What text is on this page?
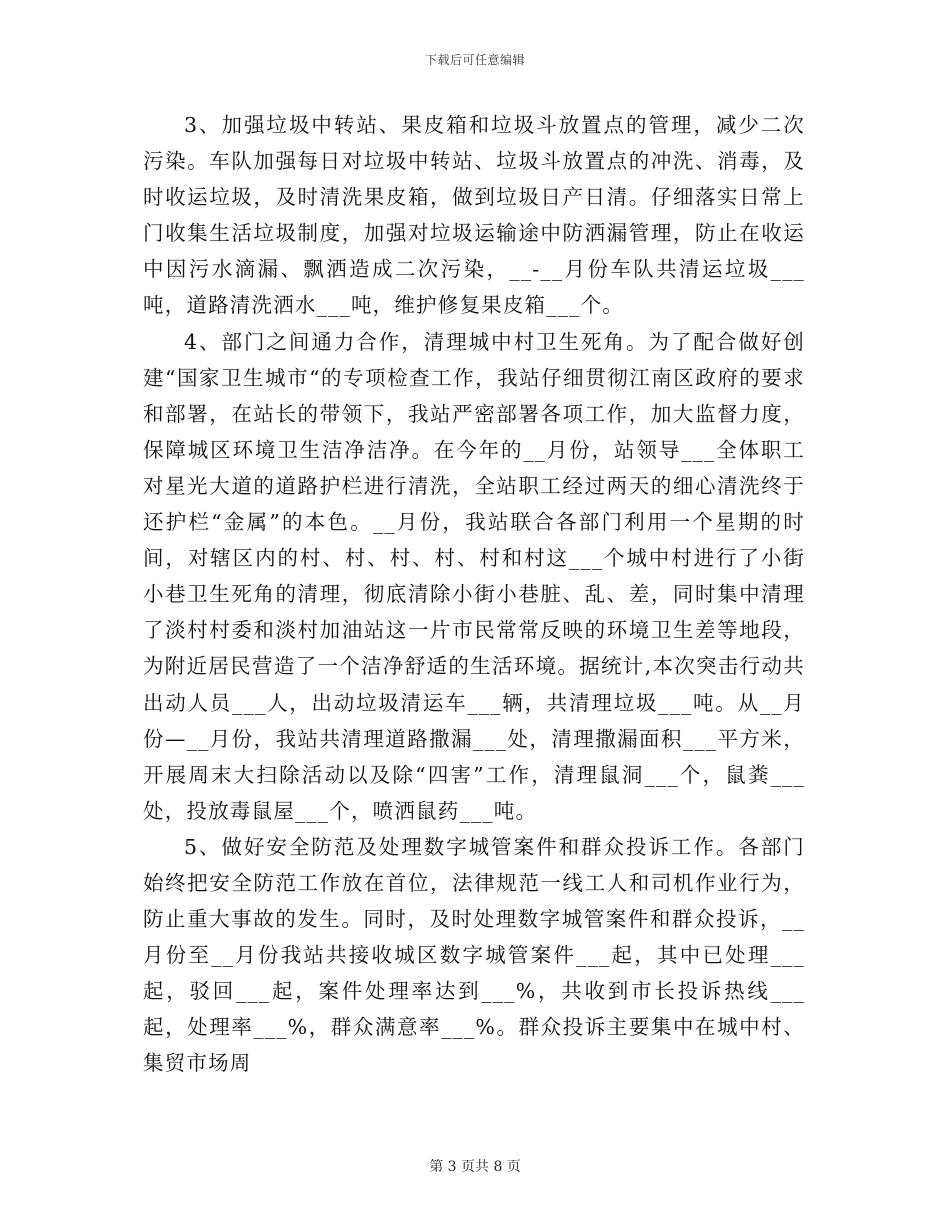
下载后可任意编辑

3、加强垃圾中转站、果皮箱和垃圾斗放置点的管理，减少二次污染。车队加强每日对垃圾中转站、垃圾斗放置点的冲洗、消毒，及时收运垃圾，及时清洗果皮箱，做到垃圾日产日清。仔细落实日常上门收集生活垃圾制度，加强对垃圾运输途中防洒漏管理，防止在收运中因污水滴漏、飘洒造成二次污染，__-__月份车队共清运垃圾___吨，道路清洗洒水___吨，维护修复果皮箱___个。

4、部门之间通力合作，清理城中村卫生死角。为了配合做好创建“国家卫生城市“的专项检查工作，我站仔细贯彻江南区政府的要求和部署，在站长的带领下，我站严密部署各项工作，加大监督力度，保障城区环境卫生洁净洁净。在今年的__月份，站领导___全体职工对星光大道的道路护栏进行清洗，全站职工经过两天的细心清洗终于还护栏“金属”的本色。__月份，我站联合各部门利用一个星期的时间，对辖区内的村、村、村、村、村和村这___个城中村进行了小街小巷卫生死角的清理，彻底清除小街小巷脏、乱、差，同时集中清理了淡村村委和淡村加油站这一片市民常常反映的环境卫生差等地段，为附近居民营造了一个洁净舒适的生活环境。据统计,本次突击行动共出动人员___人，出动垃圾清运车___辆，共清理垃圾___吨。从__月份—__月份，我站共清理道路撒漏___处，清理撒漏面积___平方米，开展周末大扫除活动以及除“四害”工作，清理鼠洞___个，鼠粪___处，投放毒鼠屋___个，喷洒鼠药___吨。

5、做好安全防范及处理数字城管案件和群众投诉工作。各部门始终把安全防范工作放在首位，法律规范一线工人和司机作业行为，防止重大事故的发生。同时，及时处理数字城管案件和群众投诉，__月份至__月份我站共接收城区数字城管案件___起，其中已处理___起，驳回___起，案件处理率达到___%，共收到市长投诉热线___起，处理率___%，群众满意率___%。群众投诉主要集中在城中村、集贸市场周

第 3 页共 8 页
